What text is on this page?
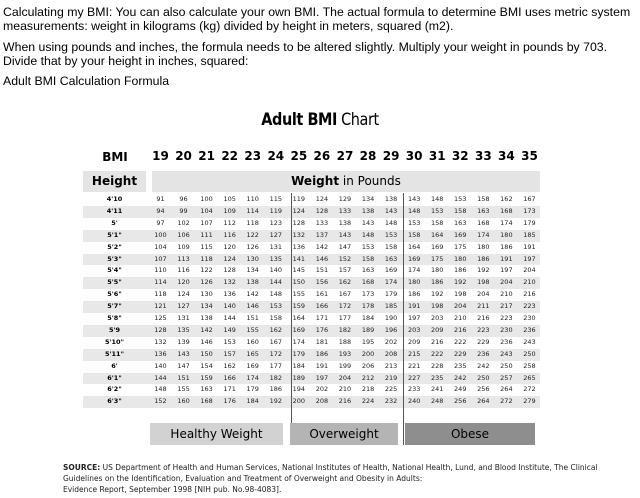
Calculating my BMI: You can also calculate your own BMI. The actual formula to determine BMI uses metric system measurements: weight in kilograms (kg) divided by height in meters, squared (m2).
When using pounds and inches, the formula needs to be altered slightly. Multiply your weight in pounds by 703. Divide that by your height in inches, squared:
Adult BMI Calculation Formula
Adult BMI Chart
BMI	19 20 21 22 23 24 25 26 27 28 29 30 31 32 33 34 35
Height	Weight in Pounds
4'10	91	96	100	105	110	115	119	124	129	134	138	143	148	153	158	162	167
4'11	94	99	104	109	114	119	124	128	133	138	143	148	153	158	163	168	173
5'	97	102	107	112	118	123	128	133	138	143	148	153	158	163	168	174	179
5'1"	100	106	111	116	122	127	132	137	143	148	153	158	164	169	174	180	185
5'2"	104	109	115	120	126	131	136	142	147	153	158	164	169	175	180	186	191
5'3"	107	113	118	124	130	135	141	146	152	158	163	169	175	180	186	191	197
5'4"	110	116	122	128	134	140	145	151	157	163	169	174	180	186	192	197	204
5'5"	114	120	126	132	138	144	150	156	162	168	174	180	186	192	198	204	210
5'6"	118	124	130	136	142	148	155	161	167	173	179	186	192	198	204	210	216
5'7"	121	127	134	140	146	153	159	166	172	178	185	191	198	204	211	217	223
5'8"	125	131	138	144	151	158	164	171	177	184	190	197	203	210	216	223	230
5'9	128	135	142	149	155	162	169	176	182	189	196	203	209	216	223	230	236
5'10"	132	139	146	153	160	167	174	181	188	195	202	209	216	222	229	236	243
5'11"	136	143	150	157	165	172	179	186	193	200	208	215	222	229	236	243	250
6'	140	147	154	162	169	177	184	191	199	206	213	221	228	235	242	250	258
6'1"	144	151	159	166	174	182	189	197	204	212	219	227	235	242	250	257	265
6'2"	148	155	163	171	179	186	194	202	210	218	225	233	241	249	256	264	272
6'3"	152	160	168	176	184	192	200	208	216	224	232	240	248	256	264	272	279
Healthy Weight	Overweight	Obese
SOURCE: US Department of Health and Human Services, National Institutes of Health, National Health, Lund, and Blood Institute, The Clinical Guidelines on the Identification, Evaluation and Treatment of Overweight and Obesity in Adults:
Evidence Report, September 1998 [NIH pub. No.98-4083].
